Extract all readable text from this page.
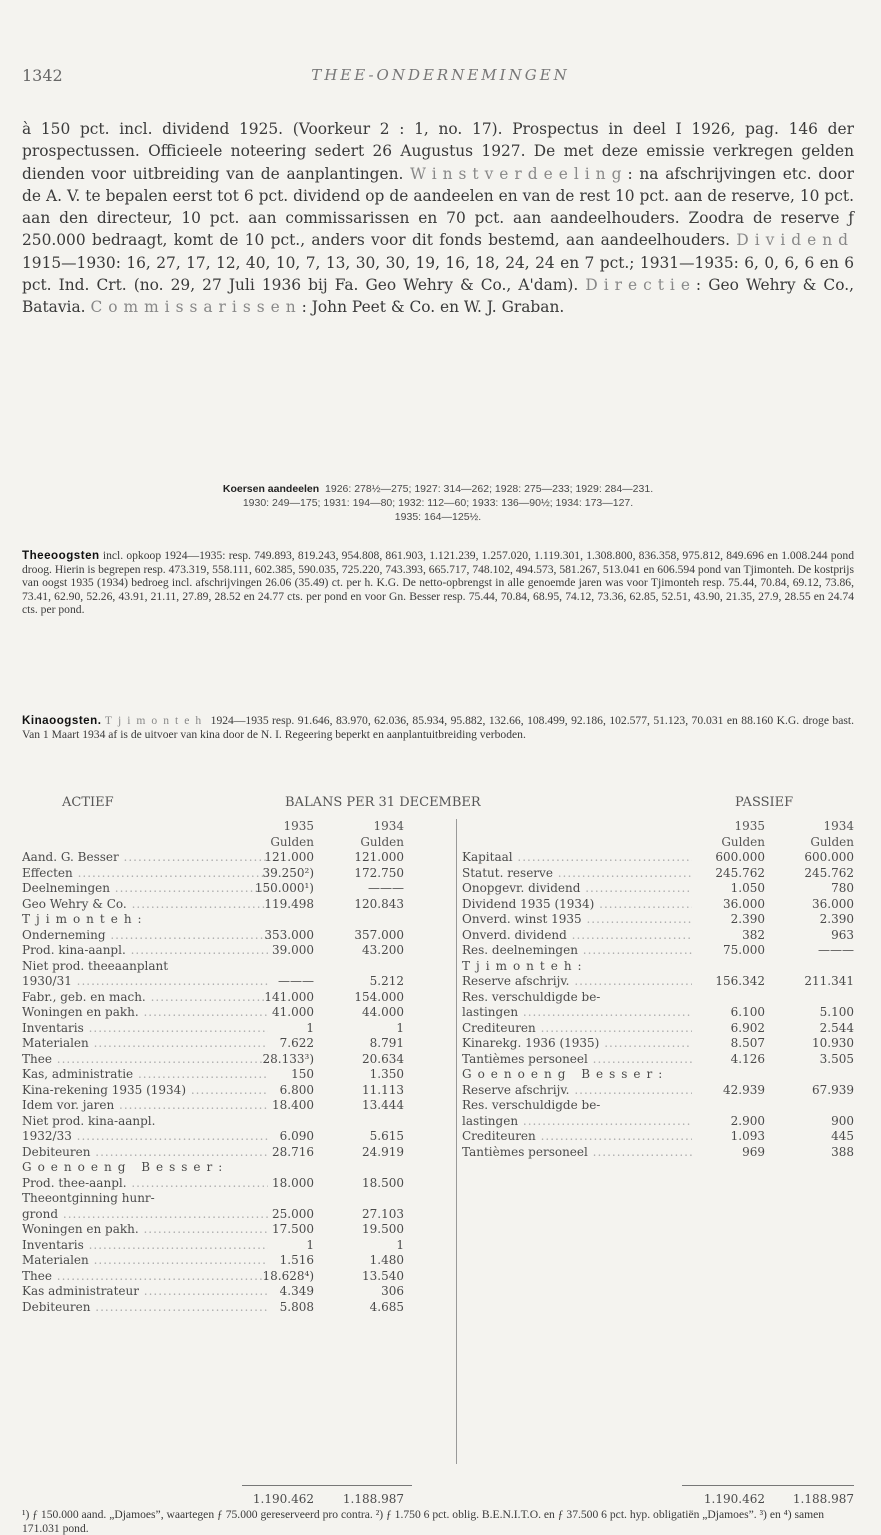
1342	THEE-ONDERNEMINGEN
à 150 pct. incl. dividend 1925. (Voorkeur 2 : 1, no. 17). Prospectus in deel I 1926, pag. 146 der prospectussen. Officieele noteering sedert 26 Augustus 1927. De met deze emissie verkregen gelden dienden voor uitbreiding van de aanplantingen. Winstverdeeling: na afschrijvingen etc. door de A. V. te bepalen eerst tot 6 pct. dividend op de aandeelen en van de rest 10 pct. aan de reserve, 10 pct. aan den directeur, 10 pct. aan commissarissen en 70 pct. aan aandeelhouders. Zoodra de reserve ƒ 250.000 bedraagt, komt de 10 pct., anders voor dit fonds bestemd, aan aandeelhouders. Dividend 1915—1930: 16, 27, 17, 12, 40, 10, 7, 13, 30, 30, 19, 16, 18, 24, 24 en 7 pct.; 1931—1935: 6, 0, 6, 6 en 6 pct. Ind. Crt. (no. 29, 27 Juli 1936 bij Fa. Geo Wehry & Co., A'dam). Directie: Geo Wehry & Co., Batavia. Commissarissen: John Peet & Co. en W. J. Graban.
Koersen aandeelen 1926: 278½—275; 1927: 314—262; 1928: 275—233; 1929: 284—231.
1930: 249—175; 1931: 194—80; 1932: 112—60; 1933: 136—90½; 1934: 173—127.
1935: 164—125½.
Theeoogsten incl. opkoop 1924—1935: resp. 749.893, 819.243, 954.808, 861.903, 1.121.239, 1.257.020, 1.119.301, 1.308.800, 836.358, 975.812, 849.696 en 1.008.244 pond droog. Hierin is begrepen resp. 473.319, 558.111, 602.385, 590.035, 725.220, 743.393, 665.717, 748.102, 494.573, 581.267, 513.041 en 606.594 pond van Tjimonteh. De kostprijs van oogst 1935 (1934) bedroeg incl. afschrijvingen 26.06 (35.49) ct. per h. K.G. De netto-opbrengst in alle genoemde jaren was voor Tjimonteh resp. 75.44, 70.84, 69.12, 73.86, 73.41, 62.90, 52.26, 43.91, 21.11, 27.89, 28.52 en 24.77 cts. per pond en voor Gn. Besser resp. 75.44, 70.84, 68.95, 74.12, 73.36, 62.85, 52.51, 43.90, 21.35, 27.9, 28.55 en 24.74 cts. per pond.
Kinaoogsten. Tjimonteh 1924—1935 resp. 91.646, 83.970, 62.036, 85.934, 95.882, 132.66, 108.499, 92.186, 102.577, 51.123, 70.031 en 88.160 K.G. droge bast. Van 1 Maart 1934 af is de uitvoer van kina door de N. I. Regeering beperkt en aanplantuitbreiding verboden.
ACTIEF	BALANS PER 31 DECEMBER	PASSIEF
1935	1934
Gulden	Gulden
Aand. G. Besser .....	121.000	121.000
Effecten .....	39.250²)	172.750
Deelnemingen .....	150.000¹)	———
Geo Wehry & Co. .....	119.498	120.843
Tjimonteh:
Onderneming .....	353.000	357.000
Prod. kina-aanpl. .....	39.000	43.200
Niet prod. theeaanplant
1930/31 .....	———	5.212
Fabr., geb. en mach. .....	141.000	154.000
Woningen en pakh. .....	41.000	44.000
Inventaris .....	1	1
Materialen .....	7.622	8.791
Thee .....	28.133³)	20.634
Kas, administratie .....	150	1.350
Kina-rekening 1935 (1934) .....	6.800	11.113
Idem vor. jaren .....	18.400	13.444
Niet prod. kina-aanpl.
1932/33 .....	6.090	5.615
Debiteuren .....	28.716	24.919
Goenoeng Besser:
Prod. thee-aanpl. .....	18.000	18.500
Theeontginning hunr-
grond .....	25.000	27.103
Woningen en pakh. .....	17.500	19.500
Inventaris .....	1	1
Materialen .....	1.516	1.480
Thee .....	18.628⁴)	13.540
Kas administrateur .....	4.349	306
Debiteuren .....	5.808	4.685
1935	1934
Gulden	Gulden
Kapitaal .....	600.000	600.000
Statut. reserve .....	245.762	245.762
Onopgevr. dividend .....	1.050	780
Dividend 1935 (1934) .....	36.000	36.000
Onverd. winst 1935 .....	2.390	2.390
Onverd. dividend .....	382	963
Res. deelnemingen .....	75.000	———
Tjimonteh:
Reserve afschrijv. .....	156.342	211.341
Res. verschuldigde be-
lastingen .....	6.100	5.100
Crediteuren .....	6.902	2.544
Kinarekg. 1936 (1935) .....	8.507	10.930
Tantièmes personeel .....	4.126	3.505
Goenoeng Besser:
Reserve afschrijv. .....	42.939	67.939
Res. verschuldigde be-
lastingen .....	2.900	900
Crediteuren .....	1.093	445
Tantièmes personeel .....	969	388
1.190.462	1.188.987	1.190.462	1.188.987
¹) ƒ 150.000 aand. „Djamoes”, waartegen ƒ 75.000 gereserveerd pro contra. ²) ƒ 1.750 6 pct. oblig. B.E.N.I.T.O. en ƒ 37.500 6 pct. hyp. obligatiën „Djamoes”. ³) en ⁴) samen 171.031 pond.
